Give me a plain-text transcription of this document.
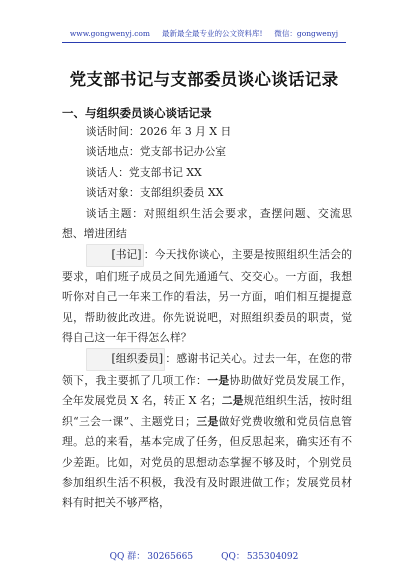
www.gongwenyj.com 最新最全最专业的公文资料库! 微信：gongwenyj
党支部书记与支部委员谈心谈话记录
一、与组织委员谈心谈话记录

谈话时间：2026 年 3 月 X 日

谈话地点：党支部书记办公室

谈话人：党支部书记 XX

谈话对象：支部组织委员 XX

谈话主题：对照组织生活会要求，查摆问题、交流思想、增进团结

[书记] ：今天找你谈心，主要是按照组织生活会的要求，咱们班子成员之间先通通气、交交心。一方面，我想听你对自己一年来工作的看法，另一方面，咱们相互提提意见，帮助彼此改进。你先说说吧，对照组织委员的职责，觉得自己这一年干得怎么样？

[组织委员] ：感谢书记关心。过去一年，在您的带领下，我主要抓了几项工作：一是协助做好党员发展工作，全年发展党员 X 名，转正 X 名；二是规范组织生活，按时组织“三会一课”、主题党日；三是做好党费收缴和党员信息管理。总的来看，基本完成了任务，但反思起来，确实还有不少差距。比如，对党员的思想动态掌握不够及时，个别党员参加组织生活不积极，我没有及时跟进做工作；发展党员材料有时把关不够严格，

QQ 群： 30265665	QQ： 535304092
